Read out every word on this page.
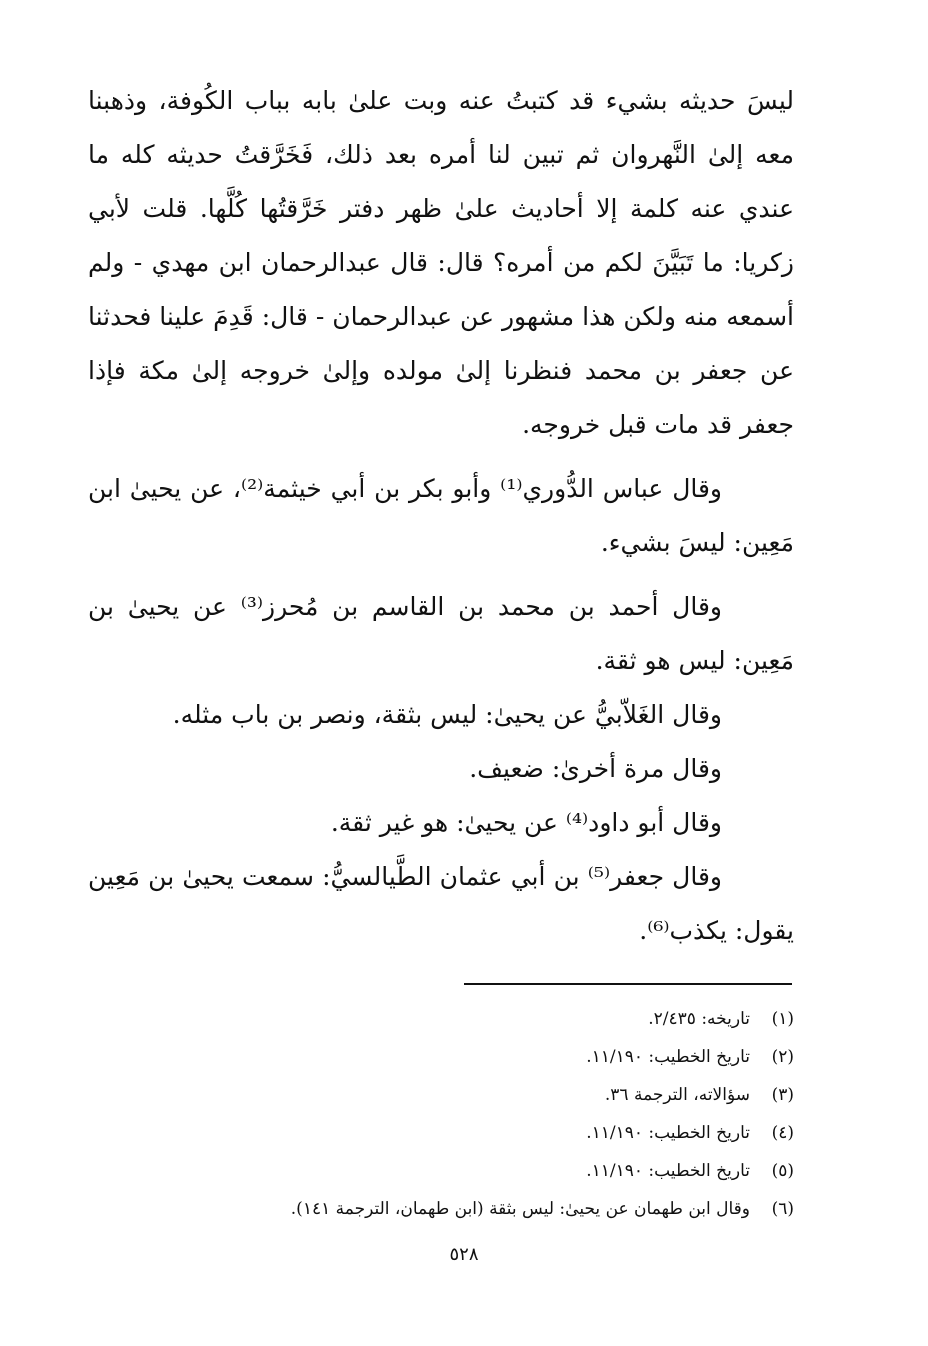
ليسَ حديثه بشيء قد كتبتُ عنه وبت علىٰ بابه بباب الكُوفة، وذهبنا معه إلىٰ النَّهروان ثم تبين لنا أمره بعد ذلك، فَخَرَّقتُ حديثه كله ما عندي عنه كلمة إلا أحاديث علىٰ ظهر دفتر خَرَّقتُها كُلَّها. قلت لأبي زكريا: ما تَبَيَّنَ لكم من أمره؟ قال: قال عبدالرحمان ابن مهدي - ولم أسمعه منه ولكن هذا مشهور عن عبدالرحمان - قال: قَدِمَ علينا فحدثنا عن جعفر بن محمد فنظرنا إلىٰ مولده وإلىٰ خروجه إلىٰ مكة فإذا جعفر قد مات قبل خروجه.

وقال عباس الدُّوري⁽¹⁾ وأبو بكر بن أبي خيثمة⁽²⁾، عن يحيىٰ ابن مَعِين: ليسَ بشيء.

وقال أحمد بن محمد بن القاسم بن مُحرز⁽³⁾ عن يحيىٰ بن مَعِين: ليس هو ثقة.

وقال الغَلاّبيُّ عن يحيىٰ: ليس بثقة، ونصر بن باب مثله.

وقال مرة أخرىٰ: ضعيف.

وقال أبو داود⁽⁴⁾ عن يحيىٰ: هو غير ثقة.

وقال جعفر⁽⁵⁾ بن أبي عثمان الطَّيالسيُّ: سمعت يحيىٰ بن مَعِين يقول: يكذب⁽⁶⁾.

(١)
تاريخه: ٢/٤٣٥.
(٢)
تاريخ الخطيب: ١١/١٩٠.
(٣)
سؤالاته، الترجمة ٣٦.
(٤)
تاريخ الخطيب: ١١/١٩٠.
(٥)
تاريخ الخطيب: ١١/١٩٠.
(٦)
وقال ابن طهمان عن يحيىٰ: ليس بثقة (ابن طهمان، الترجمة ١٤١).
٥٢٨
